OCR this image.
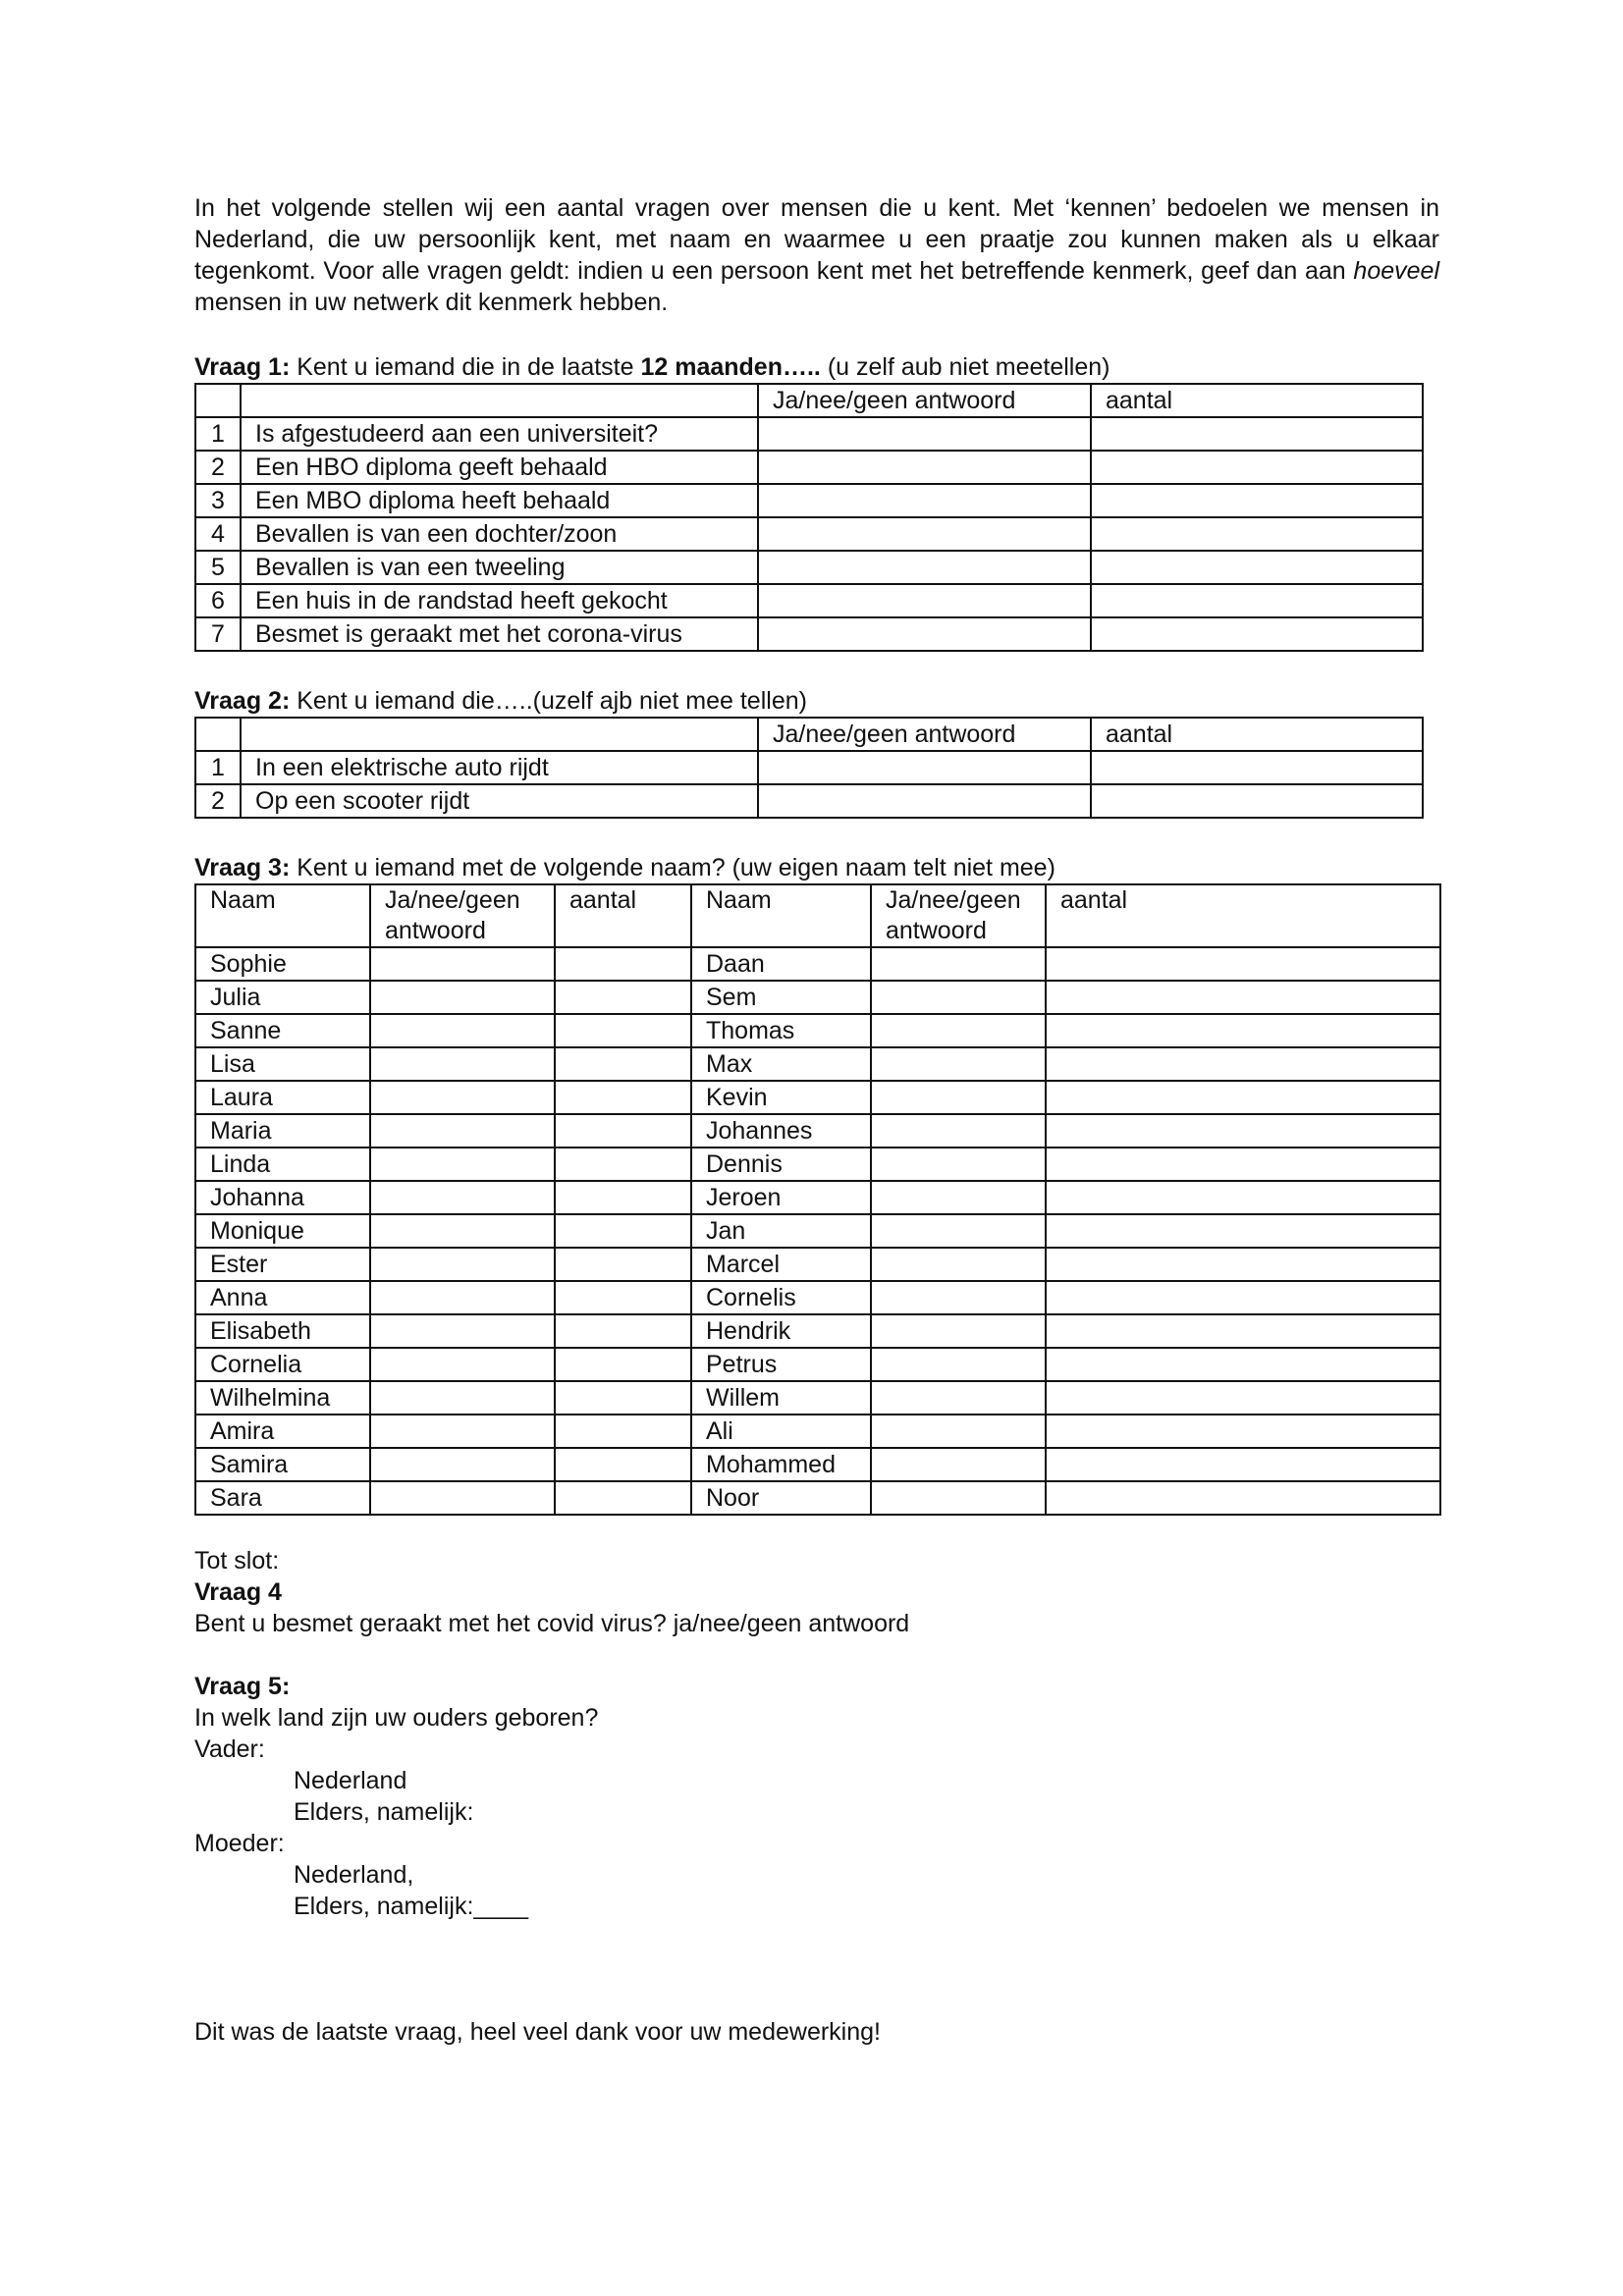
In het volgende stellen wij een aantal vragen over mensen die u kent. Met ‘kennen’ bedoelen we mensen in Nederland, die uw persoonlijk kent, met naam en waarmee u een praatje zou kunnen maken als u elkaar tegenkomt. Voor alle vragen geldt: indien u een persoon kent met het betreffende kenmerk, geef dan aan hoeveel mensen in uw netwerk dit kenmerk hebben.

Vraag 1: Kent u iemand die in de laatste 12 maanden….. (u zelf aub niet meetellen)

		Ja/nee/geen antwoord	aantal
1	Is afgestudeerd aan een universiteit?		
2	Een HBO diploma geeft behaald		
3	Een MBO diploma heeft behaald		
4	Bevallen is van een dochter/zoon		
5	Bevallen is van een tweeling		
6	Een huis in de randstad heeft gekocht		
7	Besmet is geraakt met het corona-virus		

Vraag 2: Kent u iemand die…..(uzelf ajb niet mee tellen)

		Ja/nee/geen antwoord	aantal
1	In een elektrische auto rijdt		
2	Op een scooter rijdt		

Vraag 3: Kent u iemand met de volgende naam? (uw eigen naam telt niet mee)

Naam	Ja/nee/geen antwoord	aantal	Naam	Ja/nee/geen antwoord	aantal
Sophie			Daan		
Julia			Sem		
Sanne			Thomas		
Lisa			Max		
Laura			Kevin		
Maria			Johannes		
Linda			Dennis		
Johanna			Jeroen		
Monique			Jan		
Ester			Marcel		
Anna			Cornelis		
Elisabeth			Hendrik		
Cornelia			Petrus		
Wilhelmina			Willem		
Amira			Ali		
Samira			Mohammed		
Sara			Noor		

Tot slot:

Vraag 4

Bent u besmet geraakt met het covid virus? ja/nee/geen antwoord

Vraag 5:

In welk land zijn uw ouders geboren?

Vader:

Nederland

Elders, namelijk:

Moeder:

Nederland,

Elders, namelijk:____

Dit was de laatste vraag, heel veel dank voor uw medewerking!
